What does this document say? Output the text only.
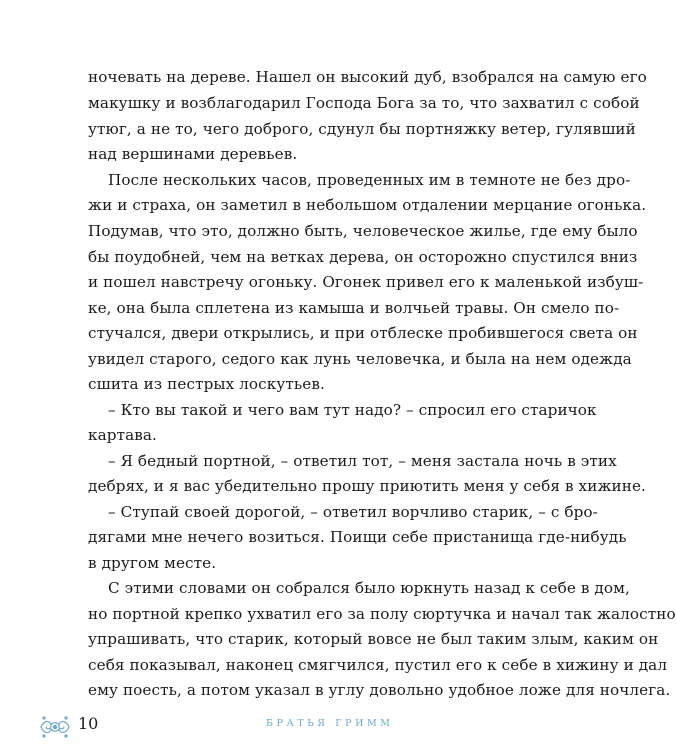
ночевать на дереве. Нашел он высокий дуб, взобрался на самую его
макушку и возблагодарил Господа Бога за то, что захватил с собой
утюг, а не то, чего доброго, сдунул бы портняжку ветер, гулявший
над вершинами деревьев.
После нескольких часов, проведенных им в темноте не без дро-
жи и страха, он заметил в небольшом отдалении мерцание огонька.
Подумав, что это, должно быть, человеческое жилье, где ему было
бы поудобней, чем на ветках дерева, он осторожно спустился вниз
и пошел навстречу огоньку. Огонек привел его к маленькой избуш-
ке, она была сплетена из камыша и волчьей травы. Он смело по-
стучался, двери открылись, и при отблеске пробившегося света он
увидел старого, седого как лунь человечка, и была на нем одежда
сшита из пестрых лоскутьев.
– Кто вы такой и чего вам тут надо? – спросил его старичок
картава.
– Я бедный портной, – ответил тот, – меня застала ночь в этих
дебрях, и я вас убедительно прошу приютить меня у себя в хижине.
– Ступай своей дорогой, – ответил ворчливо старик, – с бро-
дягами мне нечего возиться. Поищи себе пристанища где-нибудь
в другом месте.
С этими словами он собрался было юркнуть назад к себе в дом,
но портной крепко ухватил его за полу сюртучка и начал так жалостно
упрашивать, что старик, который вовсе не был таким злым, каким он
себя показывал, наконец смягчился, пустил его к себе в хижину и дал
ему поесть, а потом указал в углу довольно удобное ложе для ночлега.
10	БРАТЬЯ ГРИММ
